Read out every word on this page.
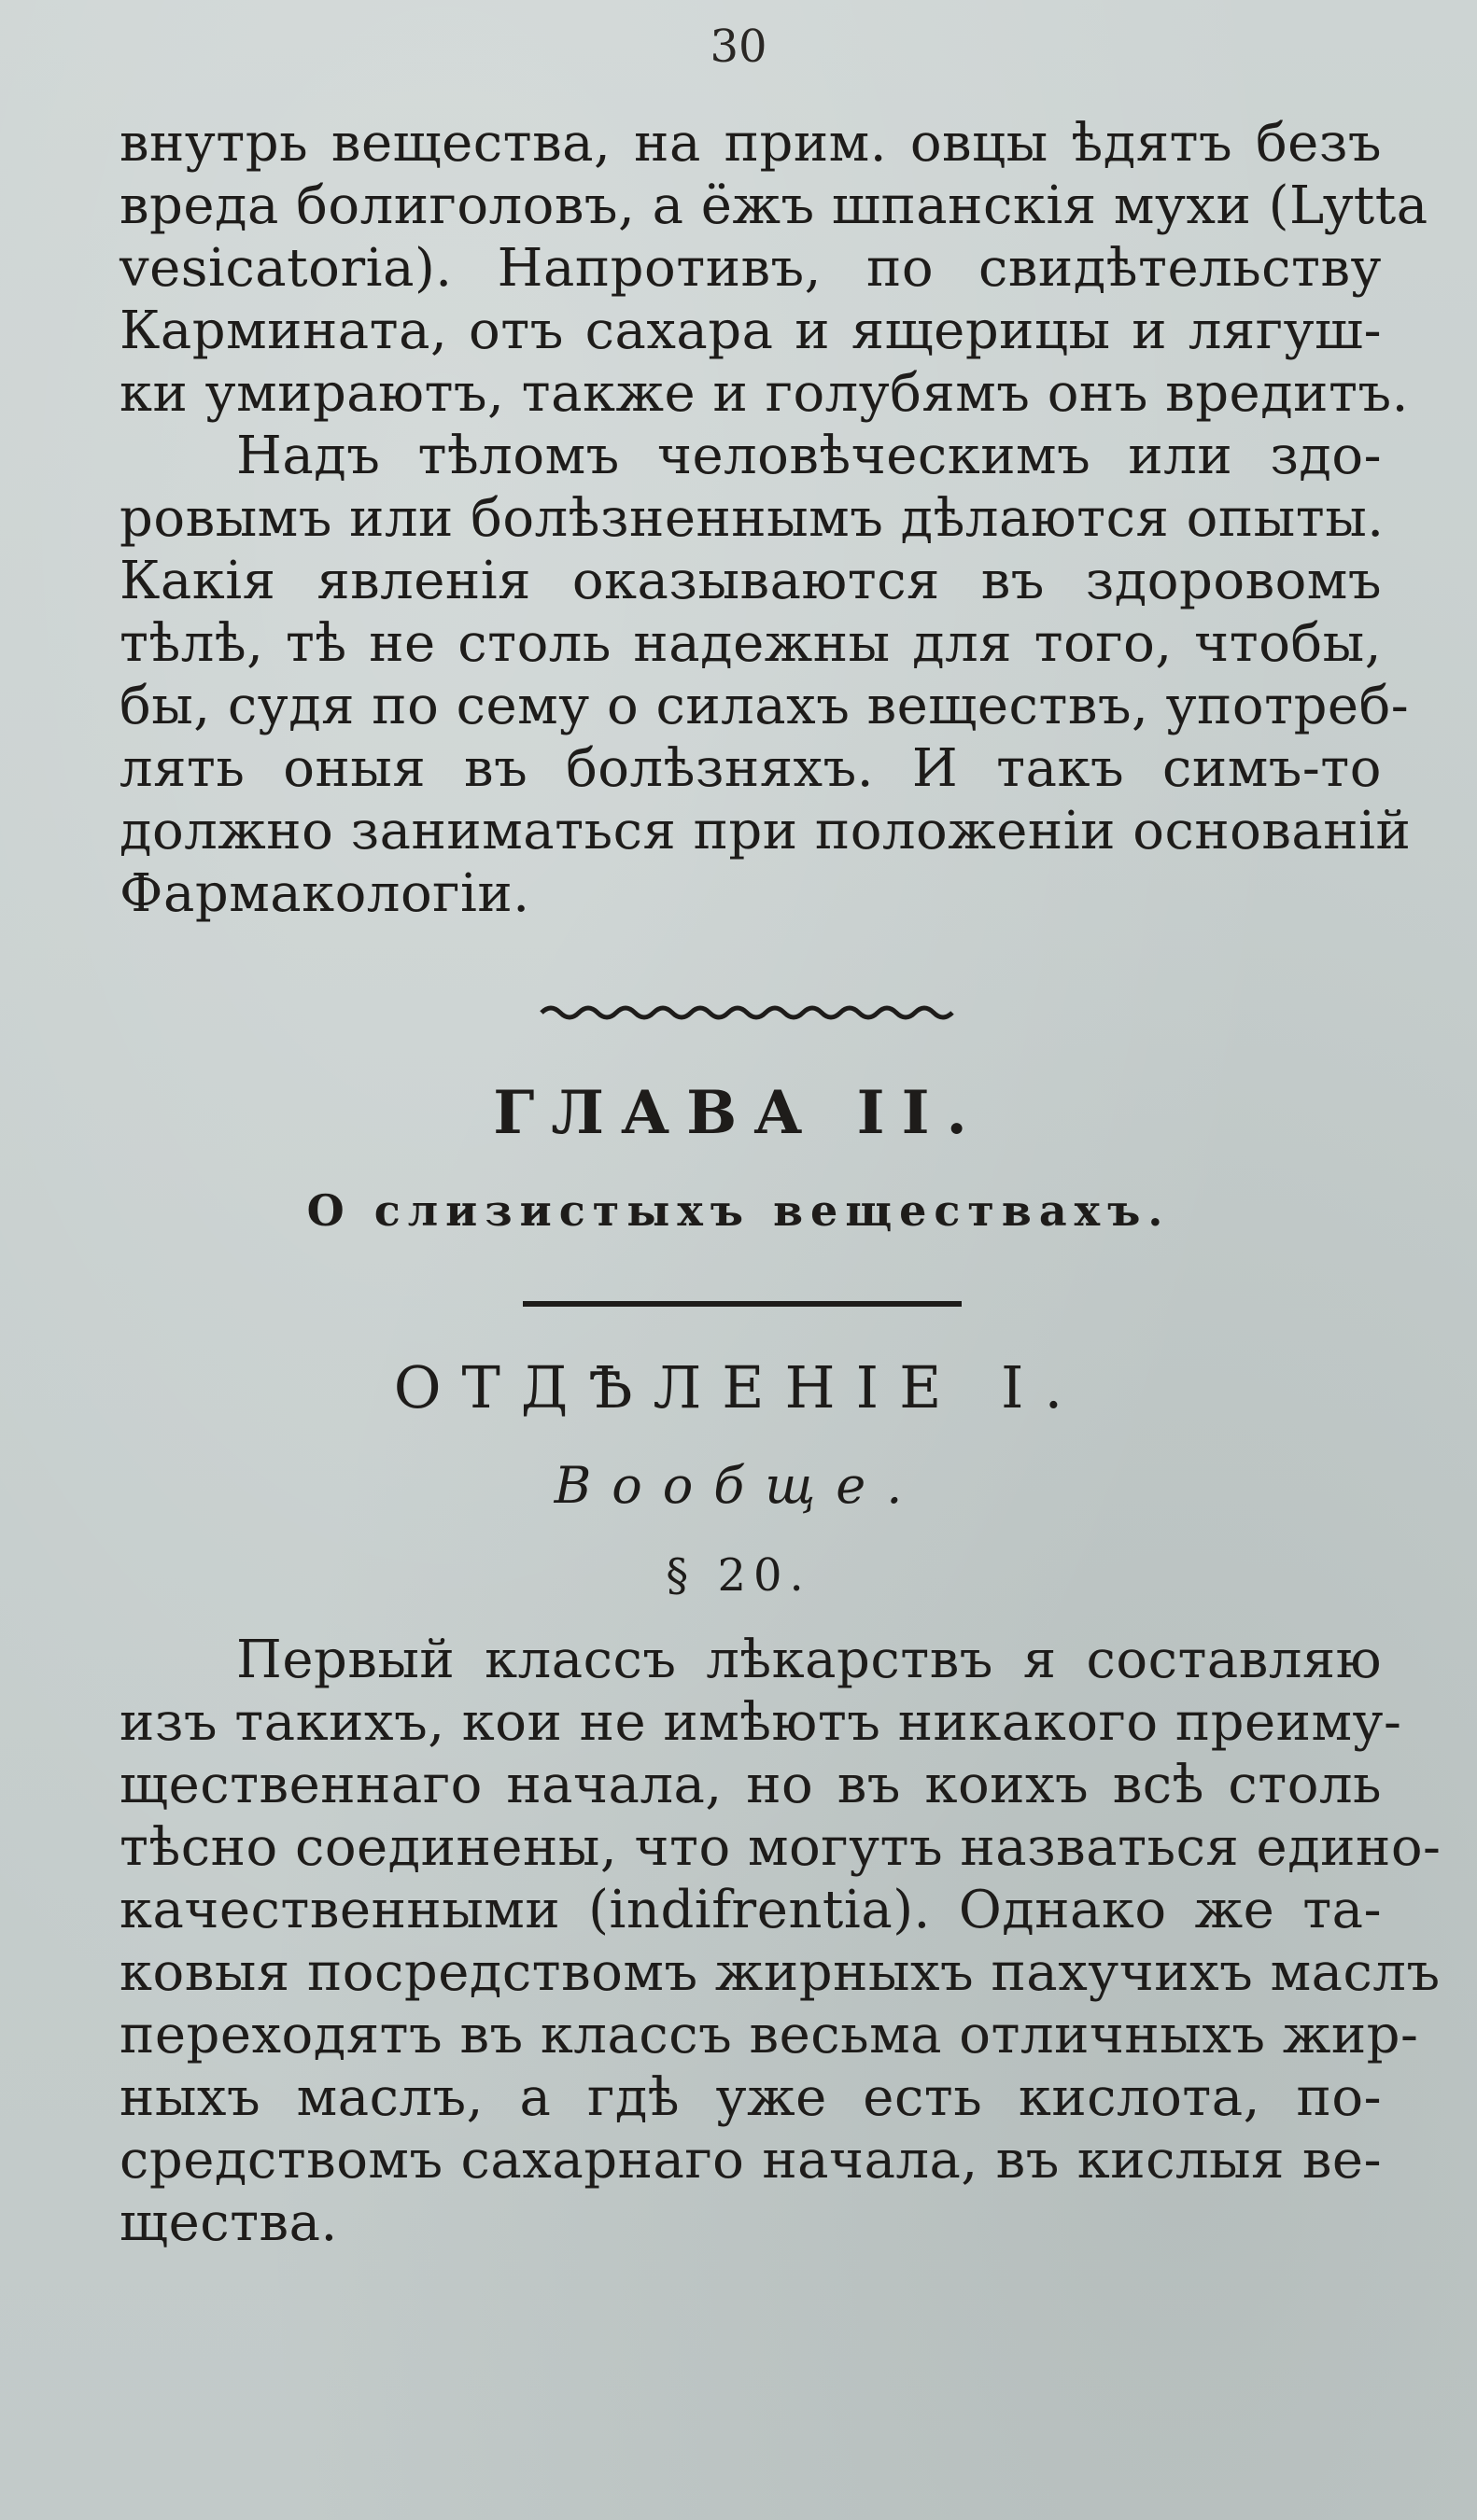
30
внутрь вещества, на прим. овцы ѣдятъ безъ
вреда болиголовъ, а ёжъ шпанскія мухи (Lytta
vesicatoria). Напротивъ, по свидѣтельству
Кармината, отъ сахара и ящерицы и лягуш-
ки умираютъ, также и голубямъ онъ вредитъ.
Надъ тѣломъ человѣческимъ или здо-
ровымъ или болѣзненнымъ дѣлаются опыты.
Какія явленія оказываются въ здоровомъ
тѣлѣ, тѣ не столь надежны для того, чтобы,
бы, судя по сему о силахъ веществъ, употреб-
лять оныя въ болѣзняхъ. И такъ симъ-то
должно заниматься при положеніи основаній
Фармакологіи.
ГЛАВА II.
О слизистыхъ веществахъ.
ОТДѢЛЕНІЕ I.
Вообще.
§ 20.
Первый классъ лѣкарствъ я составляю
изъ такихъ, кои не имѣютъ никакого преиму-
щественнаго начала, но въ коихъ всѣ столь
тѣсно соединены, что могутъ назваться едино-
качественными (indifrentia). Однако же та-
ковыя посредствомъ жирныхъ пахучихъ маслъ
переходятъ въ классъ весьма отличныхъ жир-
ныхъ маслъ, а гдѣ уже есть кислота, по-
средствомъ сахарнаго начала, въ кислыя ве-
щества.
